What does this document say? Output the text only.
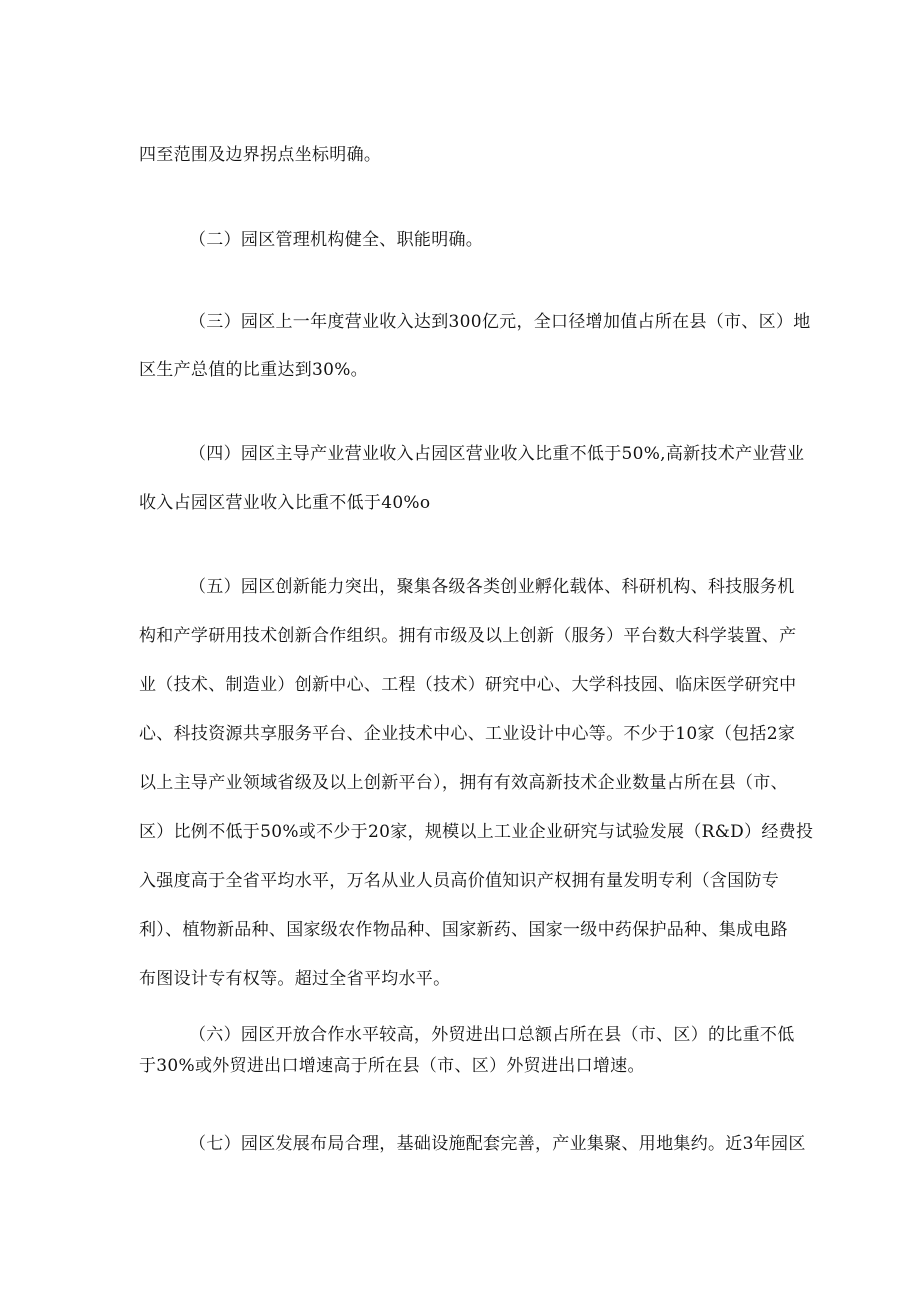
四至范围及边界拐点坐标明确。
（二）园区管理机构健全、职能明确。
（三）园区上一年度营业收入达到300亿元，全口径增加值占所在县（市、区）地
区生产总值的比重达到30%。
（四）园区主导产业营业收入占园区营业收入比重不低于50%,高新技术产业营业
收入占园区营业收入比重不低于40%o
（五）园区创新能力突出，聚集各级各类创业孵化载体、科研机构、科技服务机
构和产学研用技术创新合作组织。拥有市级及以上创新（服务）平台数大科学装置、产
业（技术、制造业）创新中心、工程（技术）研究中心、大学科技园、临床医学研究中
心、科技资源共享服务平台、企业技术中心、工业设计中心等。不少于10家（包括2家
以上主导产业领域省级及以上创新平台），拥有有效高新技术企业数量占所在县（市、
区）比例不低于50%或不少于20家，规模以上工业企业研究与试验发展（R&D）经费投
入强度高于全省平均水平，万名从业人员高价值知识产权拥有量发明专利（含国防专
利）、植物新品种、国家级农作物品种、国家新药、国家一级中药保护品种、集成电路
布图设计专有权等。超过全省平均水平。
（六）园区开放合作水平较高，外贸进出口总额占所在县（市、区）的比重不低
于30%或外贸进出口增速高于所在县（市、区）外贸进出口增速。
（七）园区发展布局合理，基础设施配套完善，产业集聚、用地集约。近3年园区
